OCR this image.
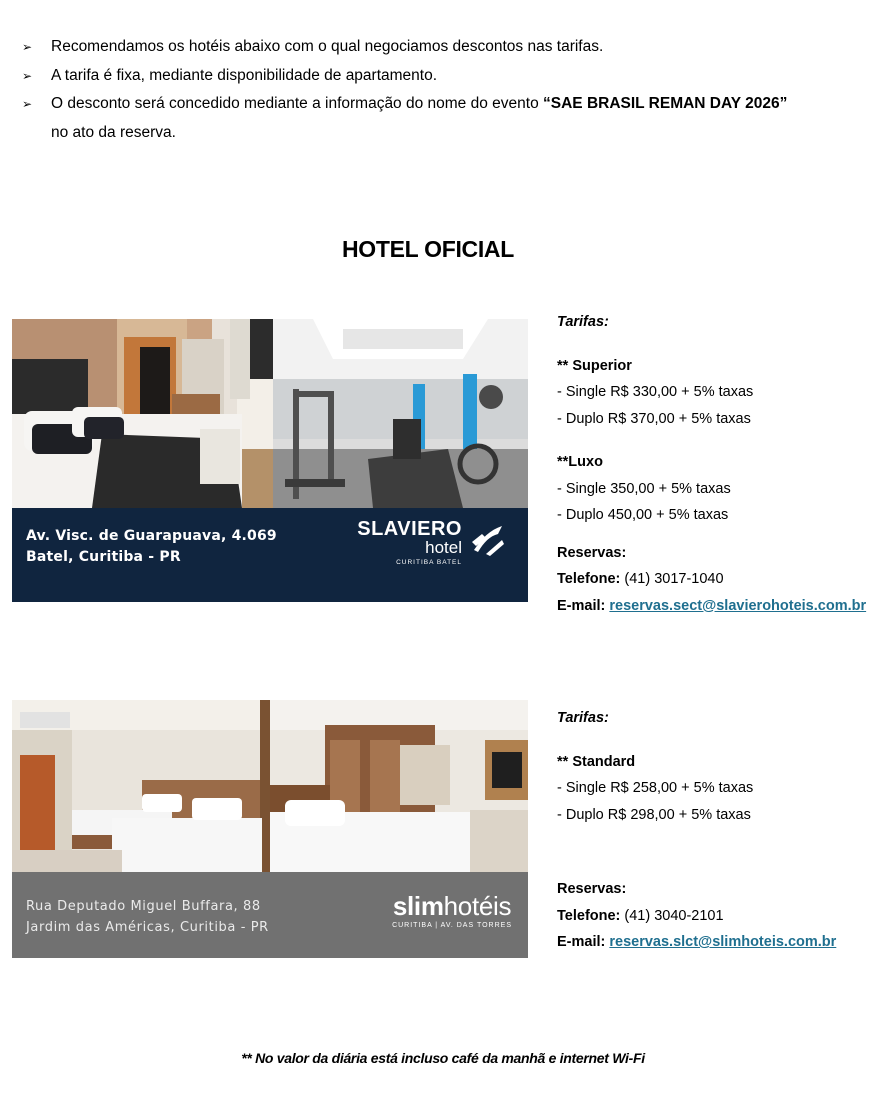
➢	Recomendamos os hotéis abaixo com o qual negociamos descontos nas tarifas.
➢	A tarifa é fixa, mediante disponibilidade de apartamento.
➢	O desconto será concedido mediante a informação do nome do evento “SAE BRASIL REMAN DAY 2026”
no ato da reserva.
HOTEL OFICIAL
Av. Visc. de Guarapuava, 4.069
Batel, Curitiba - PR
SLAVIERO
hotel
CURITIBA BATEL
Tarifas:
** Superior
- Single R$ 330,00 + 5% taxas
- Duplo R$ 370,00 + 5% taxas
**Luxo
- Single 350,00 + 5% taxas
- Duplo 450,00 + 5% taxas
Reservas:
Telefone: (41) 3017-1040
E-mail: reservas.sect@slavierohoteis.com.br
Rua Deputado Miguel Buffara, 88
Jardim das Américas, Curitiba - PR
slimhotéis
CURITIBA | AV. DAS TORRES
Tarifas:
** Standard
- Single R$ 258,00 + 5% taxas
- Duplo R$ 298,00 + 5% taxas
Reservas:
Telefone: (41) 3040-2101
E-mail: reservas.slct@slimhoteis.com.br
** No valor da diária está incluso café da manhã e internet Wi-Fi
